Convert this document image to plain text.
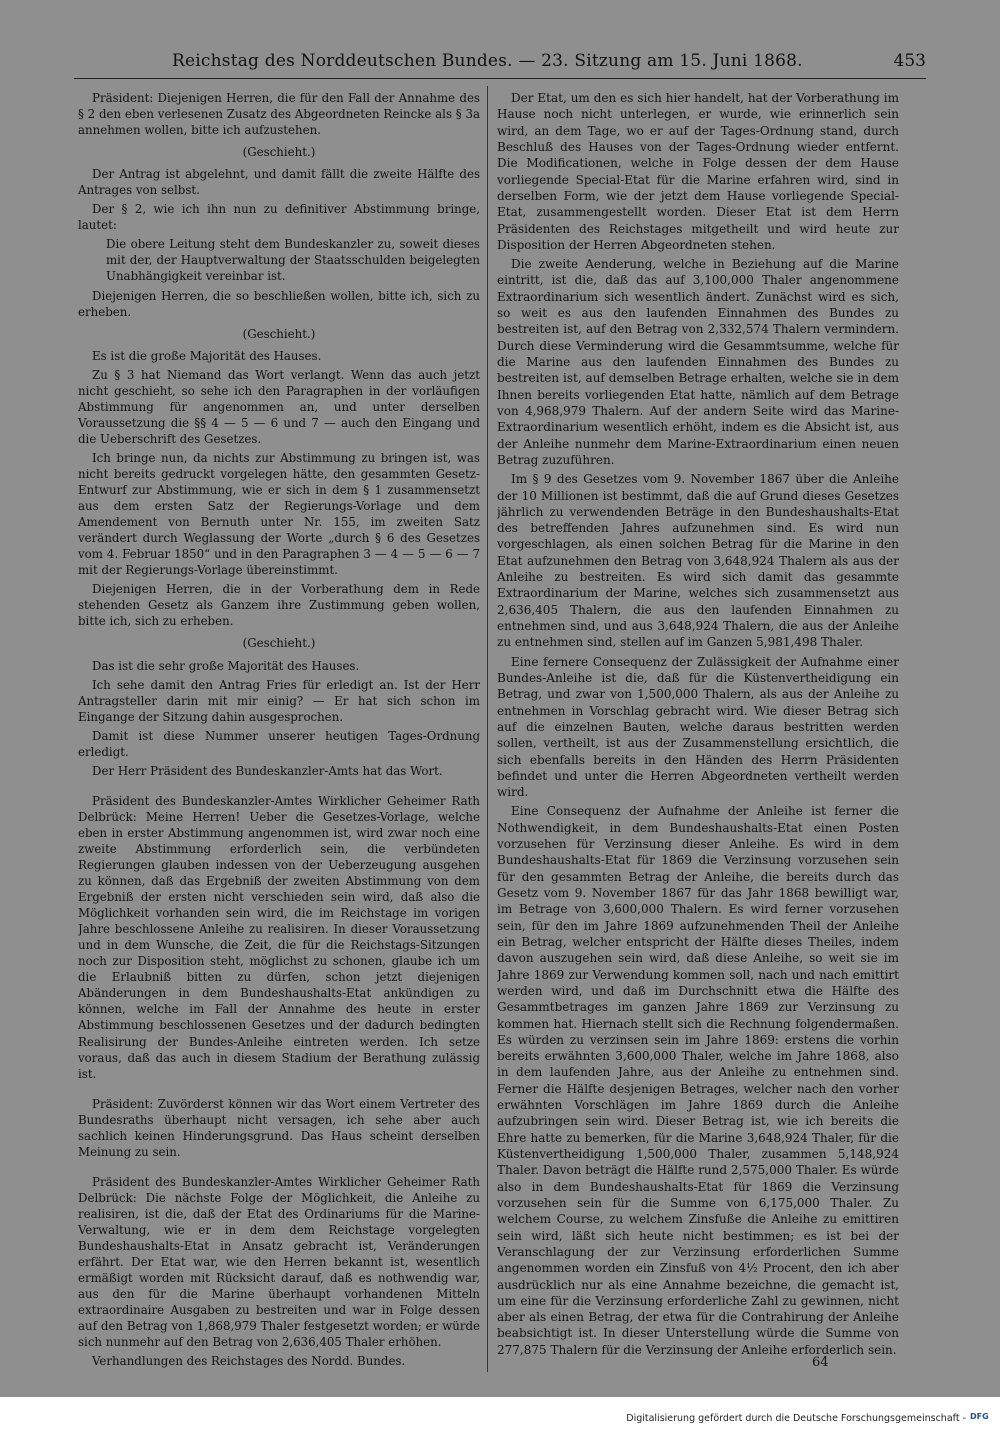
Reichstag des Norddeutschen Bundes. — 23. Sitzung am 15. Juni 1868.	453

Präsident: Diejenigen Herren, die für den Fall der Annahme des § 2 den eben verlesenen Zusatz des Abgeordneten Reincke als § 3a annehmen wollen, bitte ich aufzustehen.

(Geschieht.)

Der Antrag ist abgelehnt, und damit fällt die zweite Hälfte des Antrages von selbst.

Der § 2, wie ich ihn nun zu definitiver Abstimmung bringe, lautet:

Die obere Leitung steht dem Bundeskanzler zu, soweit dieses mit der, der Hauptverwaltung der Staatsschulden beigelegten Unabhängigkeit vereinbar ist.

Diejenigen Herren, die so beschließen wollen, bitte ich, sich zu erheben.

(Geschieht.)

Es ist die große Majorität des Hauses.

Zu § 3 hat Niemand das Wort verlangt. Wenn das auch jetzt nicht geschieht, so sehe ich den Paragraphen in der vorläufigen Abstimmung für angenommen an, und unter derselben Voraussetzung die §§ 4 — 5 — 6 und 7 — auch den Eingang und die Ueberschrift des Gesetzes.

Ich bringe nun, da nichts zur Abstimmung zu bringen ist, was nicht bereits gedruckt vorgelegen hätte, den gesammten Gesetz-Entwurf zur Abstimmung, wie er sich in dem § 1 zusammensetzt aus dem ersten Satz der Regierungs-Vorlage und dem Amendement von Bernuth unter Nr. 155, im zweiten Satz verändert durch Weglassung der Worte „durch § 6 des Gesetzes vom 4. Februar 1850“ und in den Paragraphen 3 — 4 — 5 — 6 — 7 mit der Regierungs-Vorlage übereinstimmt.

Diejenigen Herren, die in der Vorberathung dem in Rede stehenden Gesetz als Ganzem ihre Zustimmung geben wollen, bitte ich, sich zu erheben.

(Geschieht.)

Das ist die sehr große Majorität des Hauses.

Ich sehe damit den Antrag Fries für erledigt an. Ist der Herr Antragsteller darin mit mir einig? — Er hat sich schon im Eingange der Sitzung dahin ausgesprochen.

Damit ist diese Nummer unserer heutigen Tages-Ordnung erledigt.

Der Herr Präsident des Bundeskanzler-Amts hat das Wort.

Präsident des Bundeskanzler-Amtes Wirklicher Geheimer Rath Delbrück: Meine Herren! Ueber die Gesetzes-Vorlage, welche eben in erster Abstimmung angenommen ist, wird zwar noch eine zweite Abstimmung erforderlich sein, die verbündeten Regierungen glauben indessen von der Ueberzeugung ausgehen zu können, daß das Ergebniß der zweiten Abstimmung von dem Ergebniß der ersten nicht verschieden sein wird, daß also die Möglichkeit vorhanden sein wird, die im Reichstage im vorigen Jahre beschlossene Anleihe zu realisiren. In dieser Voraussetzung und in dem Wunsche, die Zeit, die für die Reichstags-Sitzungen noch zur Disposition steht, möglichst zu schonen, glaube ich um die Erlaubniß bitten zu dürfen, schon jetzt diejenigen Abänderungen in dem Bundeshaushalts-Etat ankündigen zu können, welche im Fall der Annahme des heute in erster Abstimmung beschlossenen Gesetzes und der dadurch bedingten Realisirung der Bundes-Anleihe eintreten werden. Ich setze voraus, daß das auch in diesem Stadium der Berathung zulässig ist.

Präsident: Zuvörderst können wir das Wort einem Vertreter des Bundesraths überhaupt nicht versagen, ich sehe aber auch sachlich keinen Hinderungsgrund. Das Haus scheint derselben Meinung zu sein.

Präsident des Bundeskanzler-Amtes Wirklicher Geheimer Rath Delbrück: Die nächste Folge der Möglichkeit, die Anleihe zu realisiren, ist die, daß der Etat des Ordinariums für die Marine-Verwaltung, wie er in dem dem Reichstage vorgelegten Bundeshaushalts-Etat in Ansatz gebracht ist, Veränderungen erfährt. Der Etat war, wie den Herren bekannt ist, wesentlich ermäßigt worden mit Rücksicht darauf, daß es nothwendig war, aus den für die Marine überhaupt vorhandenen Mitteln extraordinaire Ausgaben zu bestreiten und war in Folge dessen auf den Betrag von 1,868,979 Thaler festgesetzt worden; er würde sich nunmehr auf den Betrag von 2,636,405 Thaler erhöhen.

Verhandlungen des Reichstages des Nordd. Bundes.

Der Etat, um den es sich hier handelt, hat der Vorberathung im Hause noch nicht unterlegen, er wurde, wie erinnerlich sein wird, an dem Tage, wo er auf der Tages-Ordnung stand, durch Beschluß des Hauses von der Tages-Ordnung wieder entfernt. Die Modificationen, welche in Folge dessen der dem Hause vorliegende Special-Etat für die Marine erfahren wird, sind in derselben Form, wie der jetzt dem Hause vorliegende Special-Etat, zusammengestellt worden. Dieser Etat ist dem Herrn Präsidenten des Reichstages mitgetheilt und wird heute zur Disposition der Herren Abgeordneten stehen.

Die zweite Aenderung, welche in Beziehung auf die Marine eintritt, ist die, daß das auf 3,100,000 Thaler angenommene Extraordinarium sich wesentlich ändert. Zunächst wird es sich, so weit es aus den laufenden Einnahmen des Bundes zu bestreiten ist, auf den Betrag von 2,332,574 Thalern vermindern. Durch diese Verminderung wird die Gesammtsumme, welche für die Marine aus den laufenden Einnahmen des Bundes zu bestreiten ist, auf demselben Betrage erhalten, welche sie in dem Ihnen bereits vorliegenden Etat hatte, nämlich auf dem Betrage von 4,968,979 Thalern. Auf der andern Seite wird das Marine-Extraordinarium wesentlich erhöht, indem es die Absicht ist, aus der Anleihe nunmehr dem Marine-Extraordinarium einen neuen Betrag zuzuführen.

Im § 9 des Gesetzes vom 9. November 1867 über die Anleihe der 10 Millionen ist bestimmt, daß die auf Grund dieses Gesetzes jährlich zu verwendenden Beträge in den Bundeshaushalts-Etat des betreffenden Jahres aufzunehmen sind. Es wird nun vorgeschlagen, als einen solchen Betrag für die Marine in den Etat aufzunehmen den Betrag von 3,648,924 Thalern als aus der Anleihe zu bestreiten. Es wird sich damit das gesammte Extraordinarium der Marine, welches sich zusammensetzt aus 2,636,405 Thalern, die aus den laufenden Einnahmen zu entnehmen sind, und aus 3,648,924 Thalern, die aus der Anleihe zu entnehmen sind, stellen auf im Ganzen 5,981,498 Thaler.

Eine fernere Consequenz der Zulässigkeit der Aufnahme einer Bundes-Anleihe ist die, daß für die Küstenvertheidigung ein Betrag, und zwar von 1,500,000 Thalern, als aus der Anleihe zu entnehmen in Vorschlag gebracht wird. Wie dieser Betrag sich auf die einzelnen Bauten, welche daraus bestritten werden sollen, vertheilt, ist aus der Zusammenstellung ersichtlich, die sich ebenfalls bereits in den Händen des Herrn Präsidenten befindet und unter die Herren Abgeordneten vertheilt werden wird.

Eine Consequenz der Aufnahme der Anleihe ist ferner die Nothwendigkeit, in dem Bundeshaushalts-Etat einen Posten vorzusehen für Verzinsung dieser Anleihe. Es wird in dem Bundeshaushalts-Etat für 1869 die Verzinsung vorzusehen sein für den gesammten Betrag der Anleihe, die bereits durch das Gesetz vom 9. November 1867 für das Jahr 1868 bewilligt war, im Betrage von 3,600,000 Thalern. Es wird ferner vorzusehen sein, für den im Jahre 1869 aufzunehmenden Theil der Anleihe ein Betrag, welcher entspricht der Hälfte dieses Theiles, indem davon auszugehen sein wird, daß diese Anleihe, so weit sie im Jahre 1869 zur Verwendung kommen soll, nach und nach emittirt werden wird, und daß im Durchschnitt etwa die Hälfte des Gesammtbetrages im ganzen Jahre 1869 zur Verzinsung zu kommen hat. Hiernach stellt sich die Rechnung folgendermaßen. Es würden zu verzinsen sein im Jahre 1869: erstens die vorhin bereits erwähnten 3,600,000 Thaler, welche im Jahre 1868, also in dem laufenden Jahre, aus der Anleihe zu entnehmen sind. Ferner die Hälfte desjenigen Betrages, welcher nach den vorher erwähnten Vorschlägen im Jahre 1869 durch die Anleihe aufzubringen sein wird. Dieser Betrag ist, wie ich bereits die Ehre hatte zu bemerken, für die Marine 3,648,924 Thaler, für die Küstenvertheidigung 1,500,000 Thaler, zusammen 5,148,924 Thaler. Davon beträgt die Hälfte rund 2,575,000 Thaler. Es würde also in dem Bundeshaushalts-Etat für 1869 die Verzinsung vorzusehen sein für die Summe von 6,175,000 Thaler. Zu welchem Course, zu welchem Zinsfuße die Anleihe zu emittiren sein wird, läßt sich heute nicht bestimmen; es ist bei der Veranschlagung der zur Verzinsung erforderlichen Summe angenommen worden ein Zinsfuß von 4½ Procent, den ich aber ausdrücklich nur als eine Annahme bezeichne, die gemacht ist, um eine für die Verzinsung erforderliche Zahl zu gewinnen, nicht aber als einen Betrag, der etwa für die Contrahirung der Anleihe beabsichtigt ist. In dieser Unterstellung würde die Summe von 277,875 Thalern für die Verzinsung der Anleihe erforderlich sein.

64
Digitalisierung gefördert durch die Deutsche Forschungsgemeinschaft - DFG
